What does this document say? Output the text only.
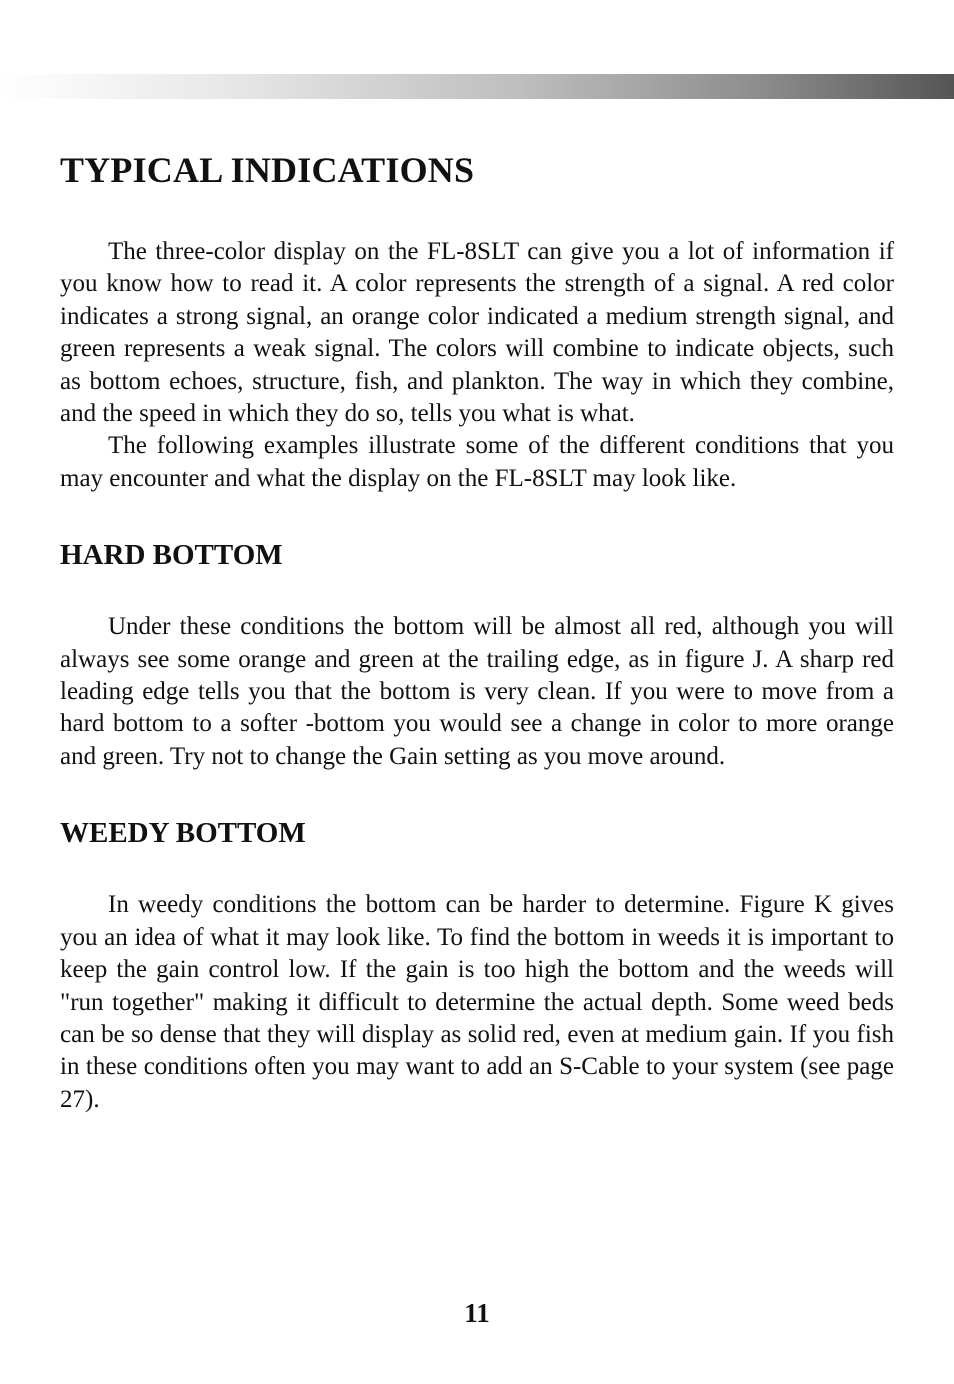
TYPICAL INDICATIONS

The three-color display on the FL-8SLT can give you a lot of information if you know how to read it. A color represents the strength of a signal. A red color indicates a strong signal, an orange color indicated a medium strength signal, and green represents a weak signal. The colors will combine to indicate objects, such as bottom echoes, structure, fish, and plankton. The way in which they combine, and the speed in which they do so, tells you what is what.

The following examples illustrate some of the different conditions that you may encounter and what the display on the FL-8SLT may look like.

HARD BOTTOM

Under these conditions the bottom will be almost all red, although you will always see some orange and green at the trailing edge, as in figure J. A sharp red leading edge tells you that the bottom is very clean. If you were to move from a hard bottom to a softer -bottom you would see a change in color to more orange and green. Try not to change the Gain setting as you move around.

WEEDY BOTTOM

In weedy conditions the bottom can be harder to determine. Figure K gives you an idea of what it may look like. To find the bottom in weeds it is important to keep the gain control low. If the gain is too high the bottom and the weeds will "run together" making it difficult to determine the actual depth. Some weed beds can be so dense that they will display as solid red, even at medium gain. If you fish in these conditions often you may want to add an S-Cable to your system (see page 27).

11
